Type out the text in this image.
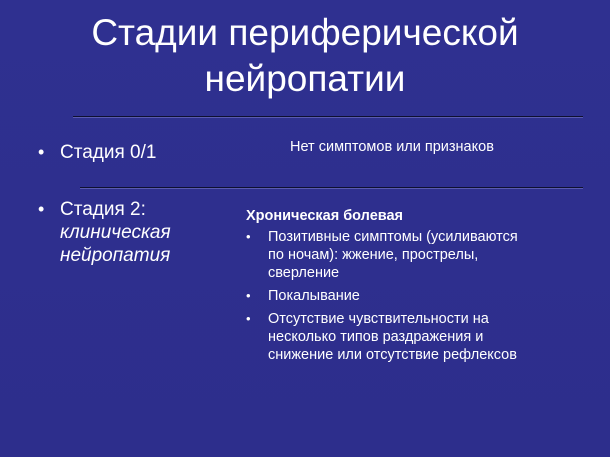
Стадии периферической
нейропатии
• Стадия 0/1	Нет симптомов или признаков
• Стадия 2:
клиническая
нейропатия
Хроническая болевая
• Позитивные симптомы (усиливаются
по ночам): жжение, прострелы,
сверление
• Покалывание
• Отсутствие чувствительности на
несколько типов раздражения и
снижение или отсутствие рефлексов
